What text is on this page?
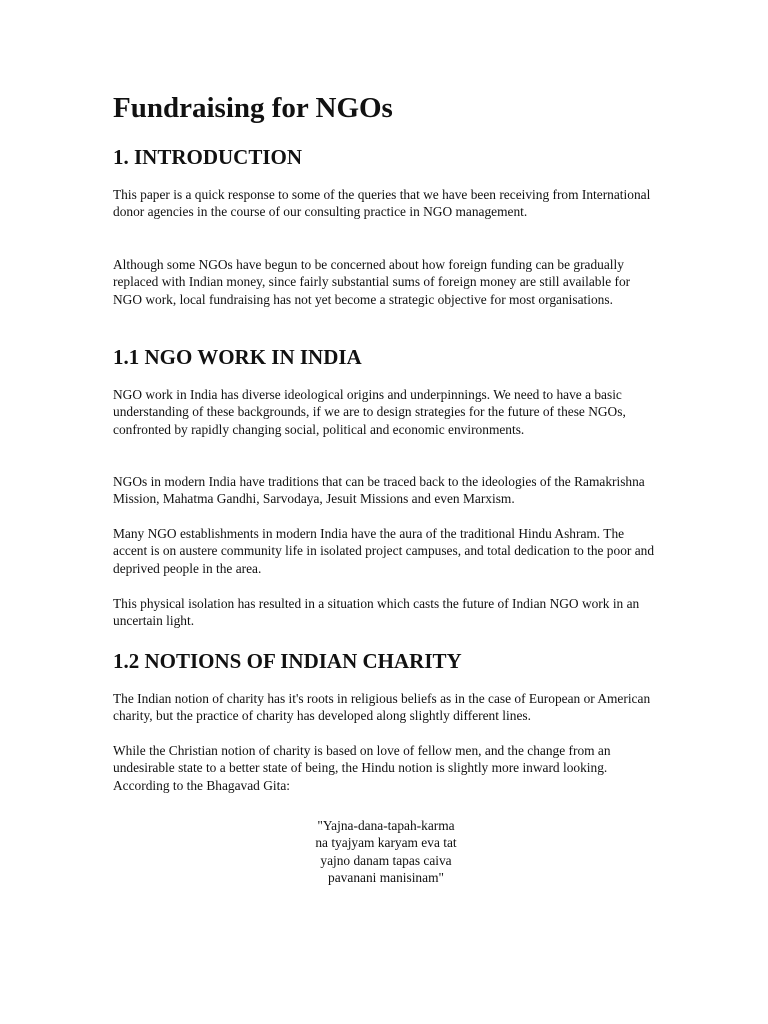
Fundraising for NGOs
1. INTRODUCTION

This paper is a quick response to some of the queries that we have been receiving from International donor agencies in the course of our consulting practice in NGO management.

Although some NGOs have begun to be concerned about how foreign funding can be gradually replaced with Indian money, since fairly substantial sums of foreign money are still available for NGO work, local fundraising has not yet become a strategic objective for most organisations.

1.1 NGO WORK IN INDIA

NGO work in India has diverse ideological origins and underpinnings. We need to have a basic understanding of these backgrounds, if we are to design strategies for the future of these NGOs, confronted by rapidly changing social, political and economic environments.

NGOs in modern India have traditions that can be traced back to the ideologies of the Ramakrishna Mission, Mahatma Gandhi, Sarvodaya, Jesuit Missions and even Marxism.

Many NGO establishments in modern India have the aura of the traditional Hindu Ashram. The accent is on austere community life in isolated project campuses, and total dedication to the poor and deprived people in the area.

This physical isolation has resulted in a situation which casts the future of Indian NGO work in an uncertain light.

1.2 NOTIONS OF INDIAN CHARITY

The Indian notion of charity has it's roots in religious beliefs as in the case of European or American charity, but the practice of charity has developed along slightly different lines.

While the Christian notion of charity is based on love of fellow men, and the change from an undesirable state to a better state of being, the Hindu notion is slightly more inward looking. According to the Bhagavad Gita:

"Yajna-dana-tapah-karma
na tyajyam karyam eva tat
yajno danam tapas caiva
pavanani manisinam"
